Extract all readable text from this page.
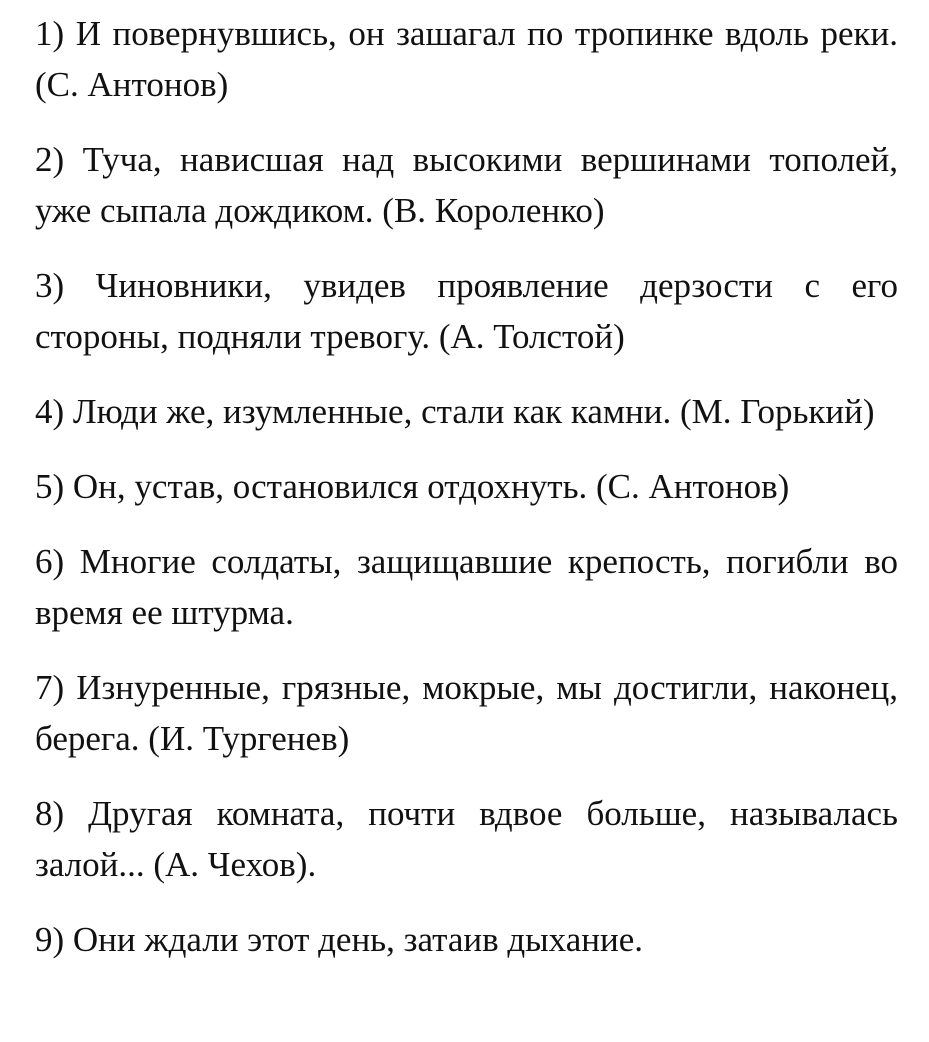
1) И повернувшись, он зашагал по тропинке вдоль реки. (С. Антонов)

2) Туча, нависшая над высокими вершинами тополей, уже сыпала дождиком. (В. Короленко)

3) Чиновники, увидев проявление дерзости с его стороны, подняли тревогу. (А. Толстой)

4) Люди же, изумленные, стали как камни. (М. Горький)

5) Он, устав, остановился отдохнуть. (С. Антонов)

6) Многие солдаты, защищавшие крепость, погибли во время ее штурма.

7) Изнуренные, грязные, мокрые, мы достигли, наконец, берега. (И. Тургенев)

8) Другая комната, почти вдвое больше, называлась залой... (А. Чехов).

9) Они ждали этот день, затаив дыхание.
